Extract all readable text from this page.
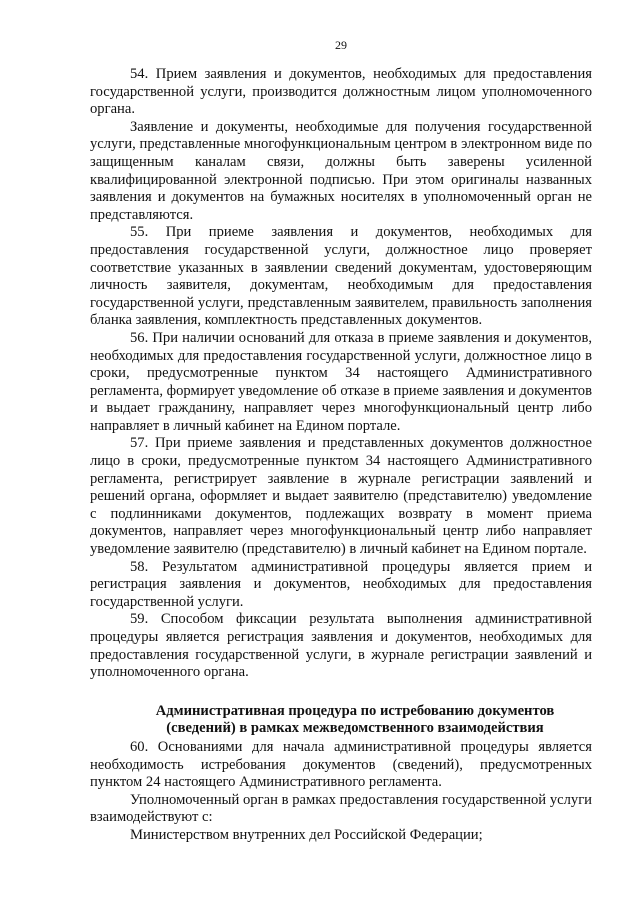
29

54. Прием заявления и документов, необходимых для предоставления государственной услуги, производится должностным лицом уполномоченного органа.

Заявление и документы, необходимые для получения государственной услуги, представленные многофункциональным центром в электронном виде по защищенным каналам связи, должны быть заверены усиленной квалифицированной электронной подписью. При этом оригиналы названных заявления и документов на бумажных носителях в уполномоченный орган не представляются.

55. При приеме заявления и документов, необходимых для предоставления государственной услуги, должностное лицо проверяет соответствие указанных в заявлении сведений документам, удостоверяющим личность заявителя, документам, необходимым для предоставления государственной услуги, представленным заявителем, правильность заполнения бланка заявления, комплектность представленных документов.

56. При наличии оснований для отказа в приеме заявления и документов, необходимых для предоставления государственной услуги, должностное лицо в сроки, предусмотренные пунктом 34 настоящего Административного регламента, формирует уведомление об отказе в приеме заявления и документов и выдает гражданину, направляет через многофункциональный центр либо направляет в личный кабинет на Едином портале.

57. При приеме заявления и представленных документов должностное лицо в сроки, предусмотренные пунктом 34 настоящего Административного регламента, регистрирует заявление в журнале регистрации заявлений и решений органа, оформляет и выдает заявителю (представителю) уведомление с подлинниками документов, подлежащих возврату в момент приема документов, направляет через многофункциональный центр либо направляет уведомление заявителю (представителю) в личный кабинет на Едином портале.

58. Результатом административной процедуры является прием и регистрация заявления и документов, необходимых для предоставления государственной услуги.

59. Способом фиксации результата выполнения административной процедуры является регистрация заявления и документов, необходимых для предоставления государственной услуги, в журнале регистрации заявлений и уполномоченного органа.

Административная процедура по истребованию документов
(сведений) в рамках межведомственного взаимодействия

60. Основаниями для начала административной процедуры является необходимость истребования документов (сведений), предусмотренных пунктом 24 настоящего Административного регламента.

Уполномоченный орган в рамках предоставления государственной услуги взаимодействуют с:

Министерством внутренних дел Российской Федерации;
